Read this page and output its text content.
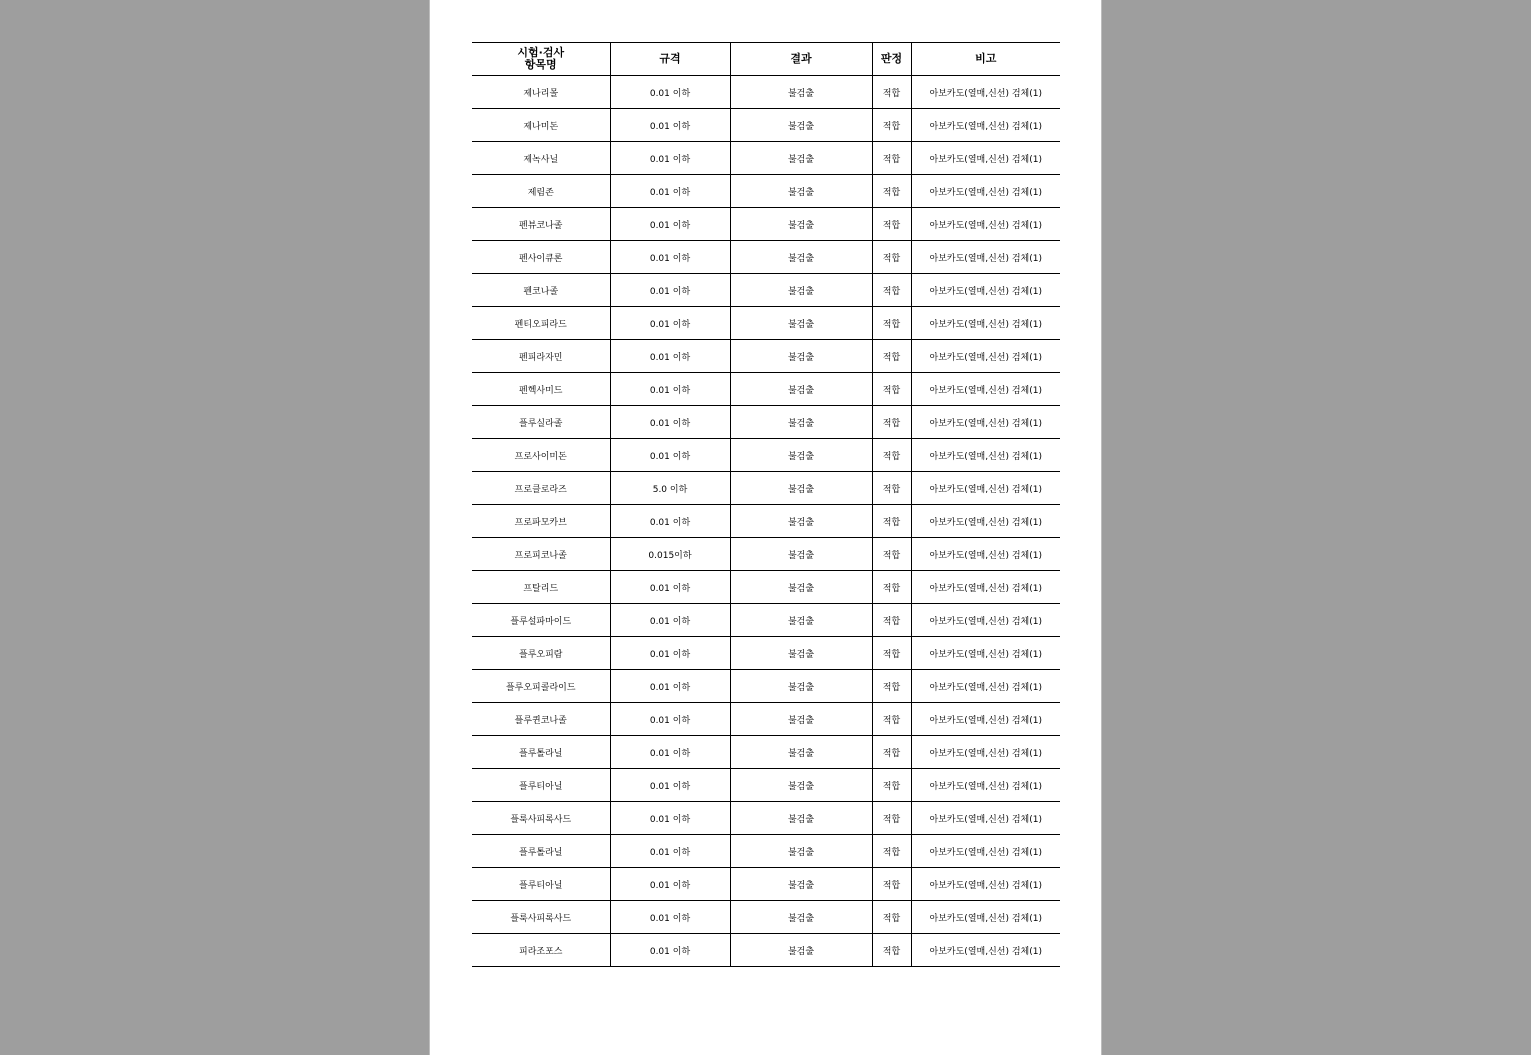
시험·검사
항목명	규격	결과	판정	비고
제나리몰	0.01 이하	불검출	적합	아보카도(열매,신선) 검체(1)
제나미돈	0.01 이하	불검출	적합	아보카도(열매,신선) 검체(1)
제녹사닐	0.01 이하	불검출	적합	아보카도(열매,신선) 검체(1)
제림존	0.01 이하	불검출	적합	아보카도(열매,신선) 검체(1)
펜뷰코나졸	0.01 이하	불검출	적합	아보카도(열매,신선) 검체(1)
펜사이큐론	0.01 이하	불검출	적합	아보카도(열매,신선) 검체(1)
펜코나졸	0.01 이하	불검출	적합	아보카도(열매,신선) 검체(1)
펜티오피라드	0.01 이하	불검출	적합	아보카도(열매,신선) 검체(1)
펜피라자민	0.01 이하	불검출	적합	아보카도(열매,신선) 검체(1)
펜헥사미드	0.01 이하	불검출	적합	아보카도(열매,신선) 검체(1)
플루실라졸	0.01 이하	불검출	적합	아보카도(열매,신선) 검체(1)
프로사이미돈	0.01 이하	불검출	적합	아보카도(열매,신선) 검체(1)
프로클로라즈	5.0 이하	불검출	적합	아보카도(열매,신선) 검체(1)
프로파모카브	0.01 이하	불검출	적합	아보카도(열매,신선) 검체(1)
프로피코나졸	0.015이하	불검출	적합	아보카도(열매,신선) 검체(1)
프탈리드	0.01 이하	불검출	적합	아보카도(열매,신선) 검체(1)
플루설파마이드	0.01 이하	불검출	적합	아보카도(열매,신선) 검체(1)
플루오피람	0.01 이하	불검출	적합	아보카도(열매,신선) 검체(1)
플루오피콜라이드	0.01 이하	불검출	적합	아보카도(열매,신선) 검체(1)
플루퀸코나졸	0.01 이하	불검출	적합	아보카도(열매,신선) 검체(1)
플루톨라닐	0.01 이하	불검출	적합	아보카도(열매,신선) 검체(1)
플루티아닐	0.01 이하	불검출	적합	아보카도(열매,신선) 검체(1)
플룩사피록사드	0.01 이하	불검출	적합	아보카도(열매,신선) 검체(1)
플루톨라닐	0.01 이하	불검출	적합	아보카도(열매,신선) 검체(1)
플루티아닐	0.01 이하	불검출	적합	아보카도(열매,신선) 검체(1)
플룩사피록사드	0.01 이하	불검출	적합	아보카도(열매,신선) 검체(1)
피라조포스	0.01 이하	불검출	적합	아보카도(열매,신선) 검체(1)
